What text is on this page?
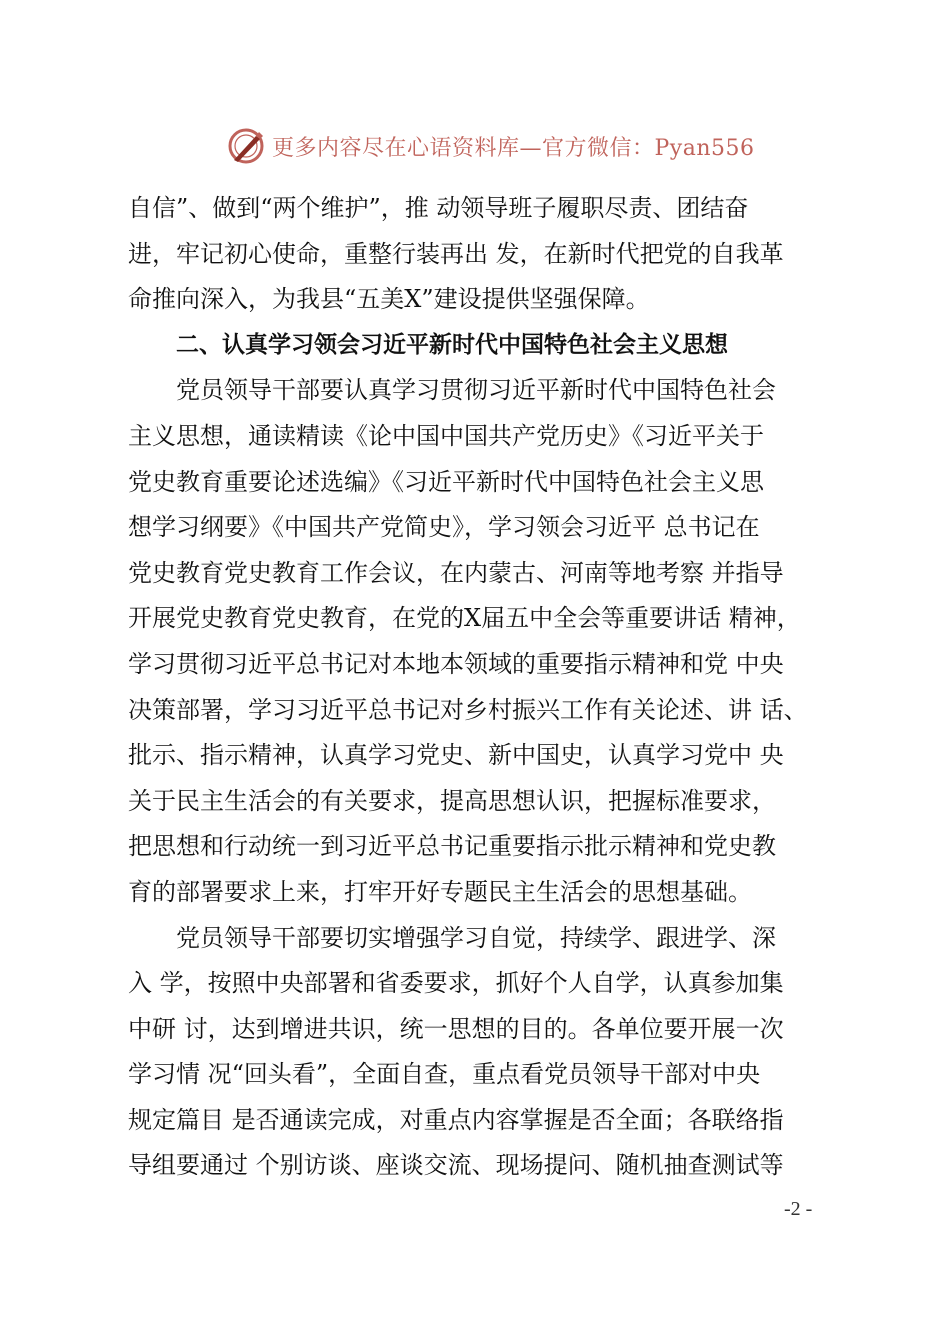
更多内容尽在心语资料库—官方微信：Pyan556
自信”、做到“两个维护”，推 动领导班子履职尽责、团结奋
进，牢记初心使命，重整行装再出 发，在新时代把党的自我革
命推向深入，为我县“五美X”建设提供坚强保障。
二、认真学习领会习近平新时代中国特色社会主义思想
党员领导干部要认真学习贯彻习近平新时代中国特色社会
主义思想，通读精读《论中国中国共产党历史》《习近平关于
党史教育重要论述选编》《习近平新时代中国特色社会主义思
想学习纲要》《中国共产党简史》，学习领会习近平 总书记在
党史教育党史教育工作会议，在内蒙古、河南等地考察 并指导
开展党史教育党史教育，在党的X届五中全会等重要讲话 精神，
学习贯彻习近平总书记对本地本领域的重要指示精神和党 中央
决策部署，学习习近平总书记对乡村振兴工作有关论述、讲 话、
批示、指示精神，认真学习党史、新中国史，认真学习党中 央
关于民主生活会的有关要求，提高思想认识，把握标准要求，
把思想和行动统一到习近平总书记重要指示批示精神和党史教
育的部署要求上来，打牢开好专题民主生活会的思想基础。
党员领导干部要切实增强学习自觉，持续学、跟进学、深
入 学，按照中央部署和省委要求，抓好个人自学，认真参加集
中研 讨，达到增进共识，统一思想的目的。各单位要开展一次
学习情 况“回头看”，全面自查，重点看党员领导干部对中央
规定篇目 是否通读完成，对重点内容掌握是否全面；各联络指
导组要通过 个别访谈、座谈交流、现场提问、随机抽查测试等
-2 -
